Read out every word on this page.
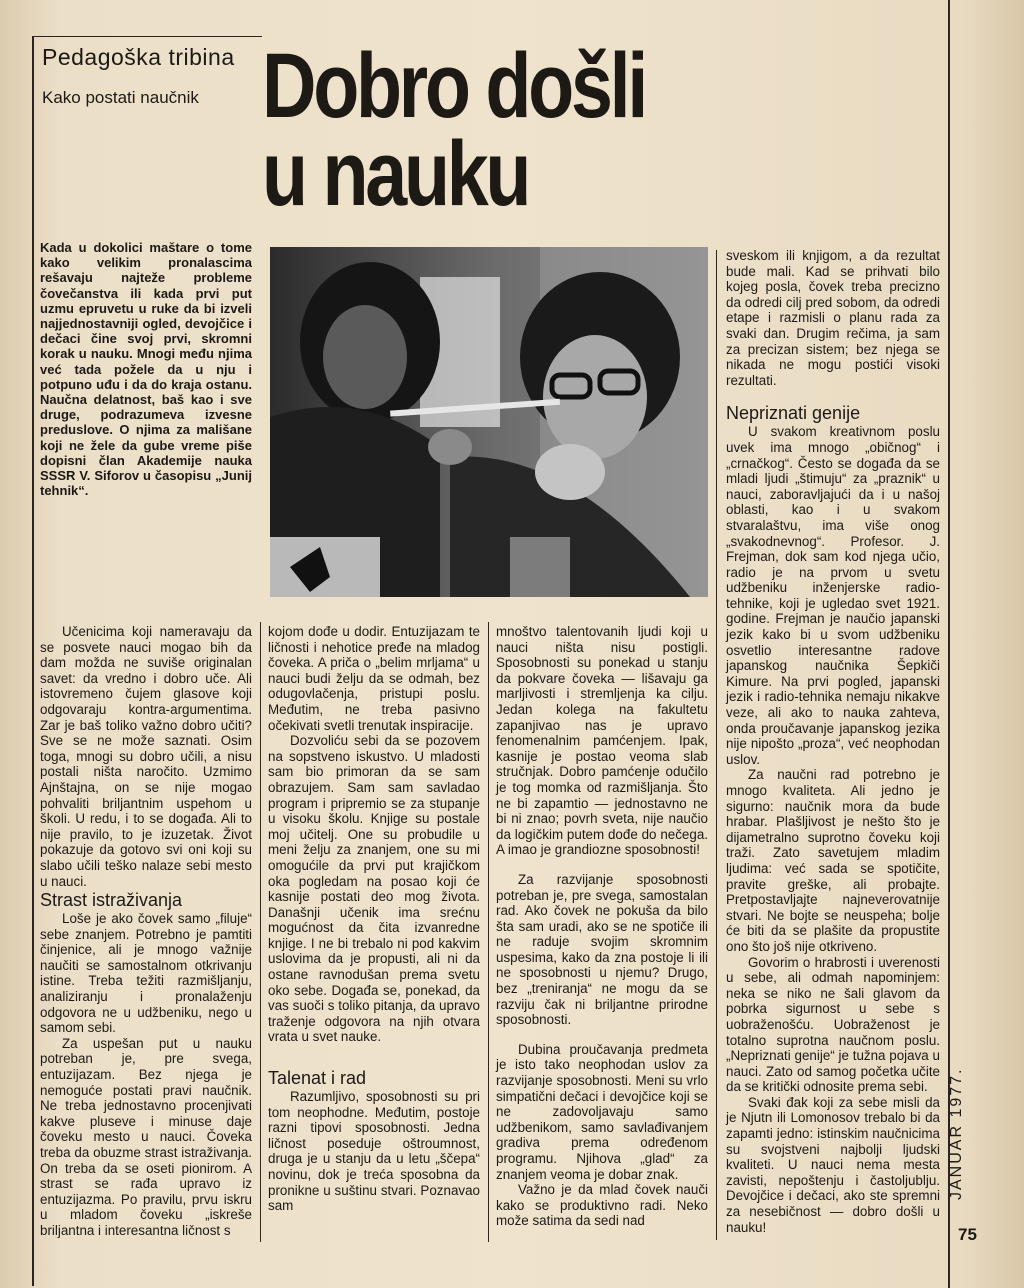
Pedagoška tribina
Kako postati naučnik Dobro došli
u nauku
Kada u dokolici maštare o tome kako velikim pronalascima rešavaju najteže probleme čovečanstva ili kada prvi put uzmu epruvetu u ruke da bi izveli najjednostavniji ogled, devojčice i dečaci čine svoj prvi, skromni korak u nauku. Mnogi među njima već tada požele da u nju i potpuno uđu i da do kraja ostanu. Naučna delatnost, baš kao i sve druge, podrazumeva izvesne preduslove. O njima za mališane koji ne žele da gube vreme piše dopisni član Akademije nauka SSSR V. Siforov u časopisu „Junij tehnik“.

Učenicima koji nameravaju da se posvete nauci mogao bih da dam možda ne suviše originalan savet: da vredno i dobro uče. Ali istovremeno čujem glasove koji odgovaraju kontra-argumentima. Zar je baš toliko važno dobro učiti? Sve se ne može saznati. Osim toga, mnogi su dobro učili, a nisu postali ništa naročito. Uzmimo Ajnštajna, on se nije mogao pohvaliti briljantnim uspehom u školi. U redu, i to se događa. Ali to nije pravilo, to je izuzetak. Život pokazuje da gotovo svi oni koji su slabo učili teško nalaze sebi mesto u nauci.

Strast istraživanja

Loše je ako čovek samo „filuje“ sebe znanjem. Potrebno je pamtiti činjenice, ali je mnogo važnije naučiti se samostalnom otkrivanju istine. Treba težiti razmišljanju, analiziranju i pronalaženju odgovora ne u udžbeniku, nego u samom sebi.

Za uspešan put u nauku potreban je, pre svega, entuzijazam. Bez njega je nemoguće postati pravi naučnik. Ne treba jednostavno procenjivati kakve pluseve i minuse daje čoveku mesto u nauci. Čoveka treba da obuzme strast istraživanja. On treba da se oseti pionirom. A strast se rađa upravo iz entuzijazma. Po pravilu, prvu iskru u mladom čoveku „iskreše briljantna i interesantna ličnost s

kojom dođe u dodir. Entuzijazam te ličnosti i nehotice pređe na mladog čoveka. A priča o „belim mrljama“ u nauci budi želju da se odmah, bez odugovlačenja, pristupi poslu. Međutim, ne treba pasivno očekivati svetli trenutak inspiracije.

Dozvoliću sebi da se pozovem na sopstveno iskustvo. U mladosti sam bio primoran da se sam obrazujem. Sam sam savladao program i pripremio se za stupanje u visoku školu. Knjige su postale moj učitelj. One su probudile u meni želju za znanjem, one su mi omogućile da prvi put krajičkom oka pogledam na posao koji će kasnije postati deo mog života. Današnji učenik ima srećnu mogućnost da čita izvanredne knjige. I ne bi trebalo ni pod kakvim uslovima da je propusti, ali ni da ostane ravnodušan prema svetu oko sebe. Događa se, ponekad, da vas suoči s toliko pitanja, da upravo traženje odgovora na njih otvara vrata u svet nauke.

Talenat i rad

Razumljivo, sposobnosti su pri tom neophodne. Međutim, postoje razni tipovi sposobnosti. Jedna ličnost poseduje oštroumnost, druga je u stanju da u letu „ščepa“ novinu, dok je treća sposobna da pronikne u suštinu stvari. Poznavao sam

mnoštvo talentovanih ljudi koji u nauci ništa nisu postigli. Sposobnosti su ponekad u stanju da pokvare čoveka — lišavaju ga marljivosti i stremljenja ka cilju. Jedan kolega na fakultetu zapanjivao nas je upravo fenomenalnim pamćenjem. Ipak, kasnije je postao veoma slab stručnjak. Dobro pamćenje odučilo je tog momka od razmišljanja. Što ne bi zapamtio — jednostavno ne bi ni znao; povrh sveta, nije naučio da logičkim putem dođe do nečega. A imao je grandiozne sposobnosti!

Za razvijanje sposobnosti potreban je, pre svega, samostalan rad. Ako čovek ne pokuša da bilo šta sam uradi, ako se ne spotiče ili ne raduje svojim skromnim uspesima, kako da zna postoje li ili ne sposobnosti u njemu? Drugo, bez „treniranja“ ne mogu da se razviju čak ni briljantne prirodne sposobnosti.

Dubina proučavanja predmeta je isto tako neophodan uslov za razvijanje sposobnosti. Meni su vrlo simpatični dečaci i devojčice koji se ne zadovoljavaju samo udžbenikom, samo savlađivanjem gradiva prema određenom programu. Njihova „glad“ za znanjem veoma je dobar znak.

Važno je da mlad čovek nauči kako se produktivno radi. Neko može satima da sedi nad

sveskom ili knjigom, a da rezultat bude mali. Kad se prihvati bilo kojeg posla, čovek treba precizno da odredi cilj pred sobom, da odredi etape i razmisli o planu rada za svaki dan. Drugim rečima, ja sam za precizan sistem; bez njega se nikada ne mogu postići visoki rezultati.

Nepriznati genije

U svakom kreativnom poslu uvek ima mnogo „običnog“ i „crnačkog“. Često se događa da se mladi ljudi „štimuju“ za „praznik“ u nauci, zaboravljajući da i u našoj oblasti, kao i u svakom stvaralaštvu, ima više onog „svakodnevnog“. Profesor. J. Frejman, dok sam kod njega učio, radio je na prvom u svetu udžbeniku inženjerske radio-tehnike, koji je ugledao svet 1921. godine. Frejman je naučio japanski jezik kako bi u svom udžbeniku osvetlio interesantne radove japanskog naučnika Šepkiči Kimure. Na prvi pogled, japanski jezik i radio-tehnika nemaju nikakve veze, ali ako to nauka zahteva, onda proučavanje japanskog jezika nije nipošto „proza“, već neophodan uslov.

Za naučni rad potrebno je mnogo kvaliteta. Ali jedno je sigurno: naučnik mora da bude hrabar. Plašljivost je nešto što je dijametralno suprotno čoveku koji traži. Zato savetujem mladim ljudima: već sada se spotičite, pravite greške, ali probajte. Pretpostavljajte najneverovatnije stvari. Ne bojte se neuspeha; bolje će biti da se plašite da propustite ono što još nije otkriveno.

Govorim o hrabrosti i uverenosti u sebe, ali odmah napominjem: neka se niko ne šali glavom da pobrka sigurnost u sebe s uobraženošću. Uobraženost je totalno suprotna naučnom poslu. „Nepriznati genije“ je tužna pojava u nauci. Zato od samog početka učite da se kritički odnosite prema sebi.

Svaki đak koji za sebe misli da je Njutn ili Lomonosov trebalo bi da zapamti jedno: istinskim naučnicima su svojstveni najbolji ljudski kvaliteti. U nauci nema mesta zavisti, nepoštenju i častoljublju. Devojčice i dečaci, ako ste spremni za nesebičnost — dobro došli u nauku!

JANUAR 1977.
75
